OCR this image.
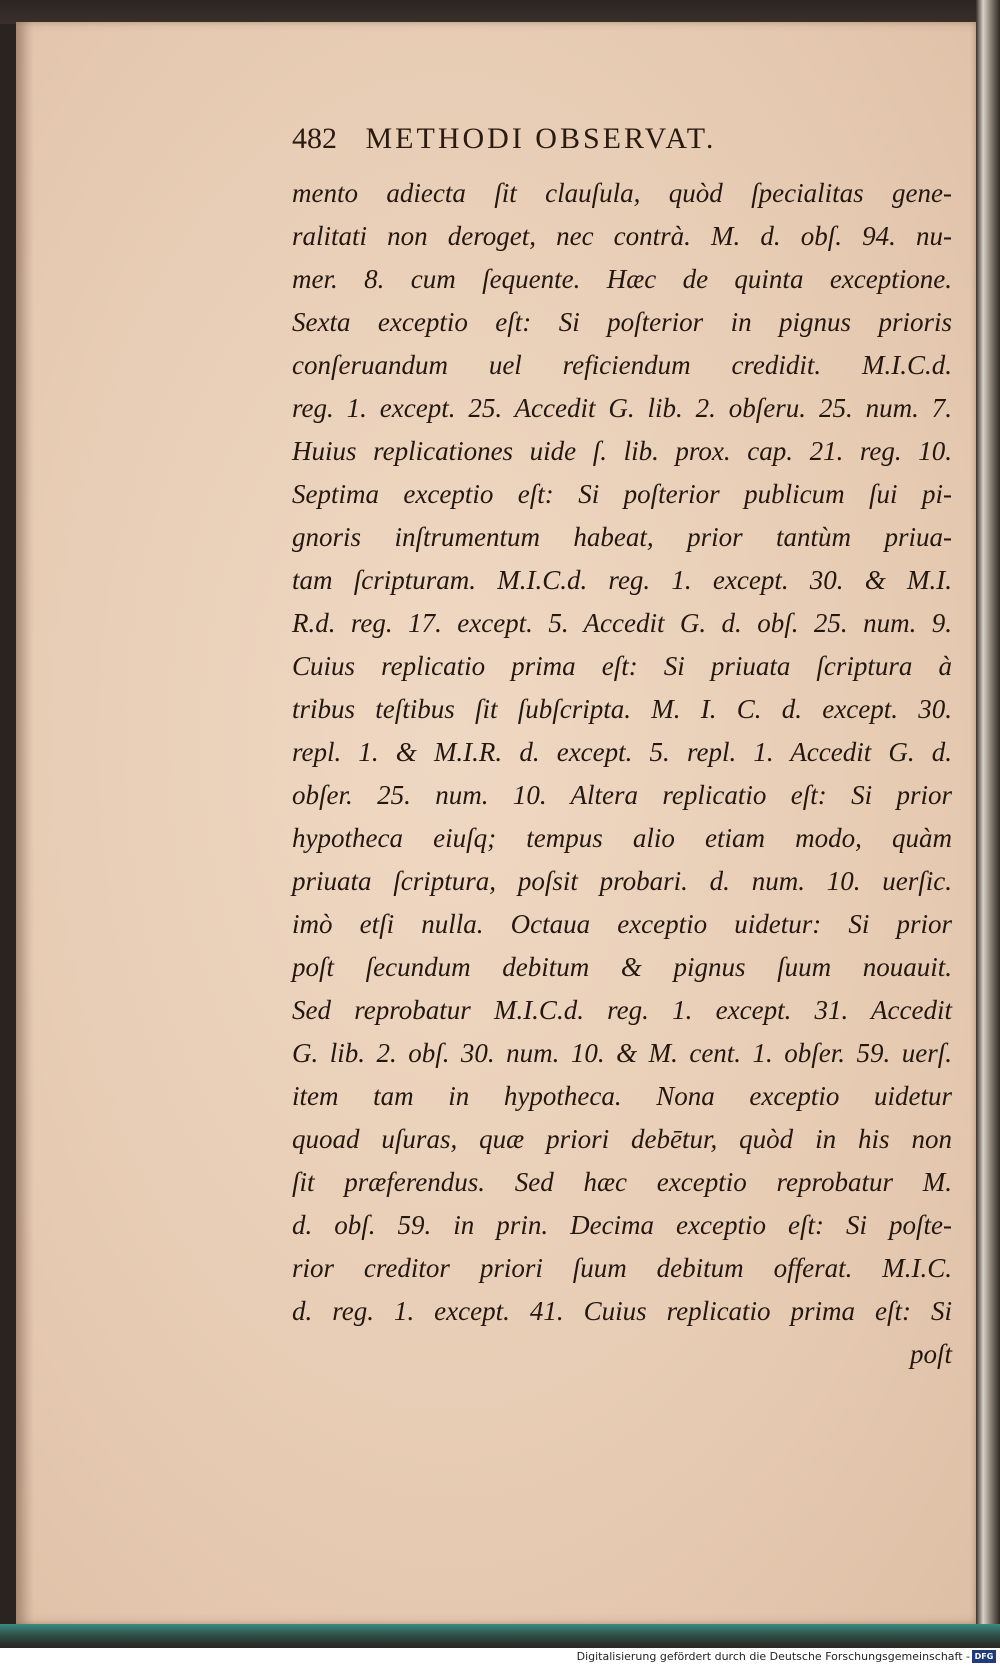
482 METHODI OBSERVAT.
mento adiecta ſit clauſula, quòd ſpecialitas gene-
ralitati non deroget, nec contrà. M. d. obſ. 94. nu-
mer. 8. cum ſequente. Hæc de quinta exceptione.
Sexta exceptio eſt: Si poſterior in pignus prioris
conſeruandum uel reficiendum credidit. M.I.C.d.
reg. 1. except. 25. Accedit G. lib. 2. obſeru. 25. num. 7.
Huius replicationes uide ſ. lib. prox. cap. 21. reg. 10.
Septima exceptio eſt: Si poſterior publicum ſui pi-
gnoris inſtrumentum habeat, prior tantùm priua-
tam ſcripturam. M.I.C.d. reg. 1. except. 30. & M.I.
R.d. reg. 17. except. 5. Accedit G. d. obſ. 25. num. 9.
Cuius replicatio prima eſt: Si priuata ſcriptura à
tribus teſtibus ſit ſubſcripta. M. I. C. d. except. 30.
repl. 1. & M.I.R. d. except. 5. repl. 1. Accedit G. d.
obſer. 25. num. 10. Altera replicatio eſt: Si prior
hypotheca eiuſq; tempus alio etiam modo, quàm
priuata ſcriptura, poſsit probari. d. num. 10. uerſic.
imò etſi nulla. Octaua exceptio uidetur: Si prior
poſt ſecundum debitum & pignus ſuum nouauit.
Sed reprobatur M.I.C.d. reg. 1. except. 31. Accedit
G. lib. 2. obſ. 30. num. 10. & M. cent. 1. obſer. 59. uerſ.
item tam in hypotheca. Nona exceptio uidetur
quoad uſuras, quæ priori debētur, quòd in his non
ſit præferendus. Sed hæc exceptio reprobatur M.
d. obſ. 59. in prin. Decima exceptio eſt: Si poſte-
rior creditor priori ſuum debitum offerat. M.I.C.
d. reg. 1. except. 41. Cuius replicatio prima eſt: Si
poſt
Digitalisierung gefördert durch die Deutsche Forschungsgemeinschaft - DFG
